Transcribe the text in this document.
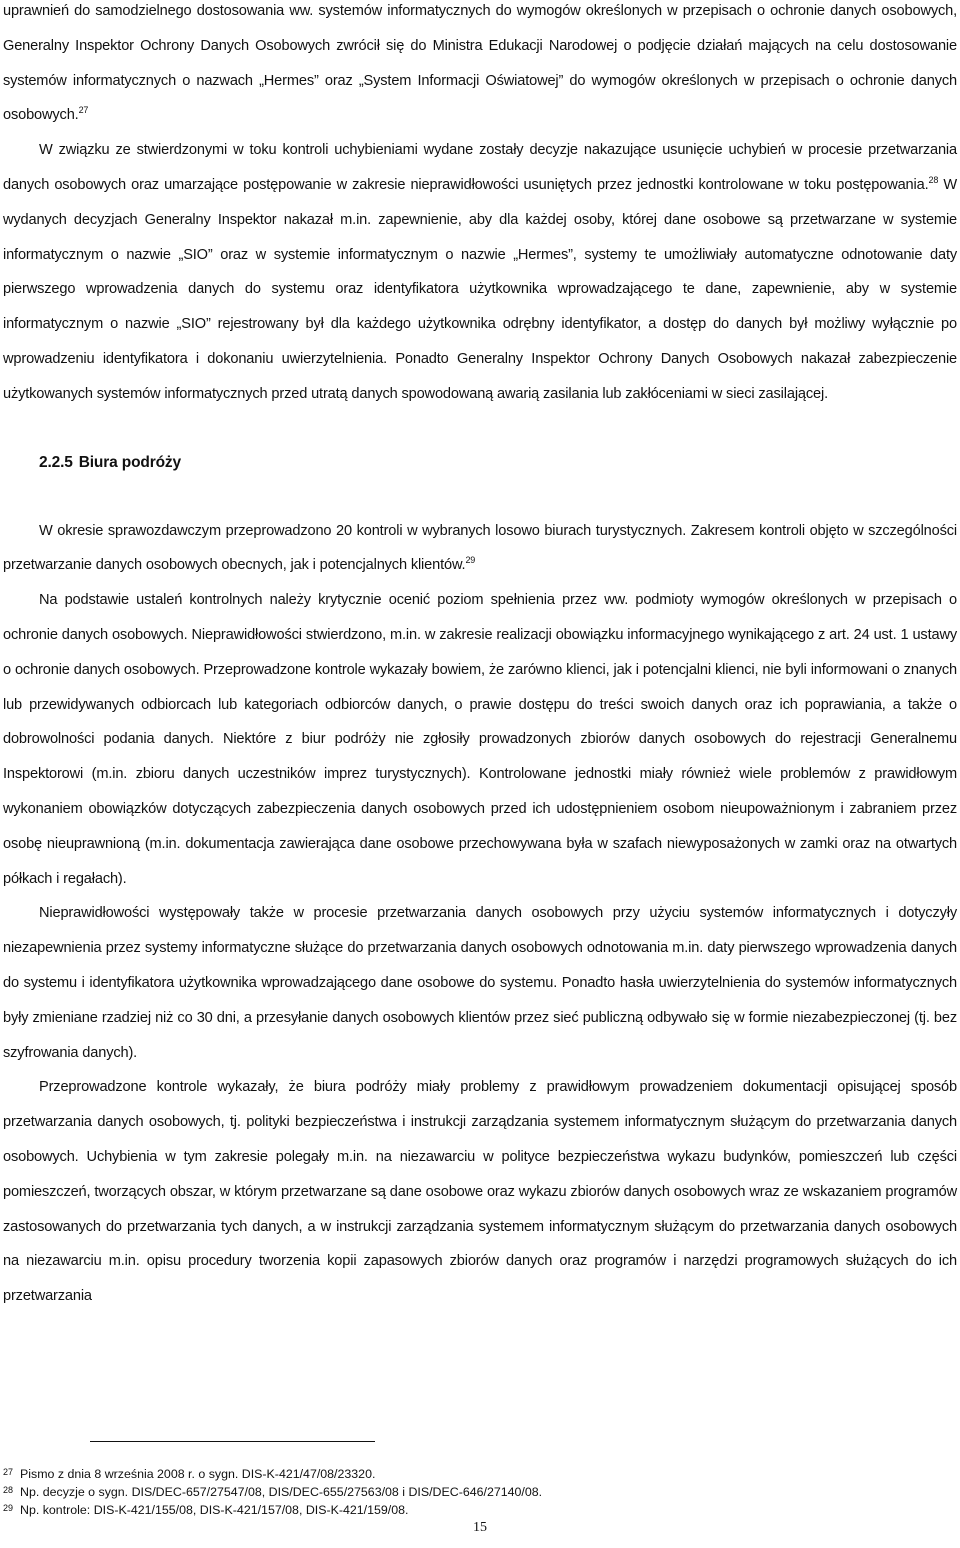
uprawnień do samodzielnego dostosowania ww. systemów informatycznych do wymogów określonych w przepisach o ochronie danych osobowych, Generalny Inspektor Ochrony Danych Osobowych zwrócił się do Ministra Edukacji Narodowej o podjęcie działań mających na celu dostosowanie systemów informatycznych o nazwach „Hermes” oraz „System Informacji Oświatowej” do wymogów określonych w przepisach o ochronie danych osobowych.$^{27}$

W związku ze stwierdzonymi w toku kontroli uchybieniami wydane zostały decyzje nakazujące usunięcie uchybień w procesie przetwarzania danych osobowych oraz umarzające postępowanie w zakresie nieprawidłowości usuniętych przez jednostki kontrolowane w toku postępowania.$^{28}$ W wydanych decyzjach Generalny Inspektor nakazał m.in. zapewnienie, aby dla każdej osoby, której dane osobowe są przetwarzane w systemie informatycznym o nazwie „SIO” oraz w systemie informatycznym o nazwie „Hermes”, systemy te umożliwiały automatyczne odnotowanie daty pierwszego wprowadzenia danych do systemu oraz identyfikatora użytkownika wprowadzającego te dane, zapewnienie, aby w systemie informatycznym o nazwie „SIO” rejestrowany był dla każdego użytkownika odrębny identyfikator, a dostęp do danych był możliwy wyłącznie po wprowadzeniu identyfikatora i dokonaniu uwierzytelnienia. Ponadto Generalny Inspektor Ochrony Danych Osobowych nakazał zabezpieczenie użytkowanych systemów informatycznych przed utratą danych spowodowaną awarią zasilania lub zakłóceniami w sieci zasilającej.

2.2.5 Biura podróży

W okresie sprawozdawczym przeprowadzono 20 kontroli w wybranych losowo biurach turystycznych. Zakresem kontroli objęto w szczególności przetwarzanie danych osobowych obecnych, jak i potencjalnych klientów.$^{29}$

Na podstawie ustaleń kontrolnych należy krytycznie ocenić poziom spełnienia przez ww. podmioty wymogów określonych w przepisach o ochronie danych osobowych. Nieprawidłowości stwierdzono, m.in. w zakresie realizacji obowiązku informacyjnego wynikającego z art. 24 ust. 1 ustawy o ochronie danych osobowych. Przeprowadzone kontrole wykazały bowiem, że zarówno klienci, jak i potencjalni klienci, nie byli informowani o znanych lub przewidywanych odbiorcach lub kategoriach odbiorców danych, o prawie dostępu do treści swoich danych oraz ich poprawiania, a także o dobrowolności podania danych. Niektóre z biur podróży nie zgłosiły prowadzonych zbiorów danych osobowych do rejestracji Generalnemu Inspektorowi (m.in. zbioru danych uczestników imprez turystycznych). Kontrolowane jednostki miały również wiele problemów z prawidłowym wykonaniem obowiązków dotyczących zabezpieczenia danych osobowych przed ich udostępnieniem osobom nieupoważnionym i zabraniem przez osobę nieuprawnioną (m.in. dokumentacja zawierająca dane osobowe przechowywana była w szafach niewyposażonych w zamki oraz na otwartych półkach i regałach).

Nieprawidłowości występowały także w procesie przetwarzania danych osobowych przy użyciu systemów informatycznych i dotyczyły niezapewnienia przez systemy informatyczne służące do przetwarzania danych osobowych odnotowania m.in. daty pierwszego wprowadzenia danych do systemu i identyfikatora użytkownika wprowadzającego dane osobowe do systemu. Ponadto hasła uwierzytelnienia do systemów informatycznych były zmieniane rzadziej niż co 30 dni, a przesyłanie danych osobowych klientów przez sieć publiczną odbywało się w formie niezabezpieczonej (tj. bez szyfrowania danych).

Przeprowadzone kontrole wykazały, że biura podróży miały problemy z prawidłowym prowadzeniem dokumentacji opisującej sposób przetwarzania danych osobowych, tj. polityki bezpieczeństwa i instrukcji zarządzania systemem informatycznym służącym do przetwarzania danych osobowych. Uchybienia w tym zakresie polegały m.in. na niezawarciu w polityce bezpieczeństwa wykazu budynków, pomieszczeń lub części pomieszczeń, tworzących obszar, w którym przetwarzane są dane osobowe oraz wykazu zbiorów danych osobowych wraz ze wskazaniem programów zastosowanych do przetwarzania tych danych, a w instrukcji zarządzania systemem informatycznym służącym do przetwarzania danych osobowych na niezawarciu m.in. opisu procedury tworzenia kopii zapasowych zbiorów danych oraz programów i narzędzi programowych służących do ich przetwarzania

27 Pismo z dnia 8 września 2008 r. o sygn. DIS-K-421/47/08/23320.

28 Np. decyzje o sygn. DIS/DEC-657/27547/08, DIS/DEC-655/27563/08 i DIS/DEC-646/27140/08.

29 Np. kontrole: DIS-K-421/155/08, DIS-K-421/157/08, DIS-K-421/159/08.

15
